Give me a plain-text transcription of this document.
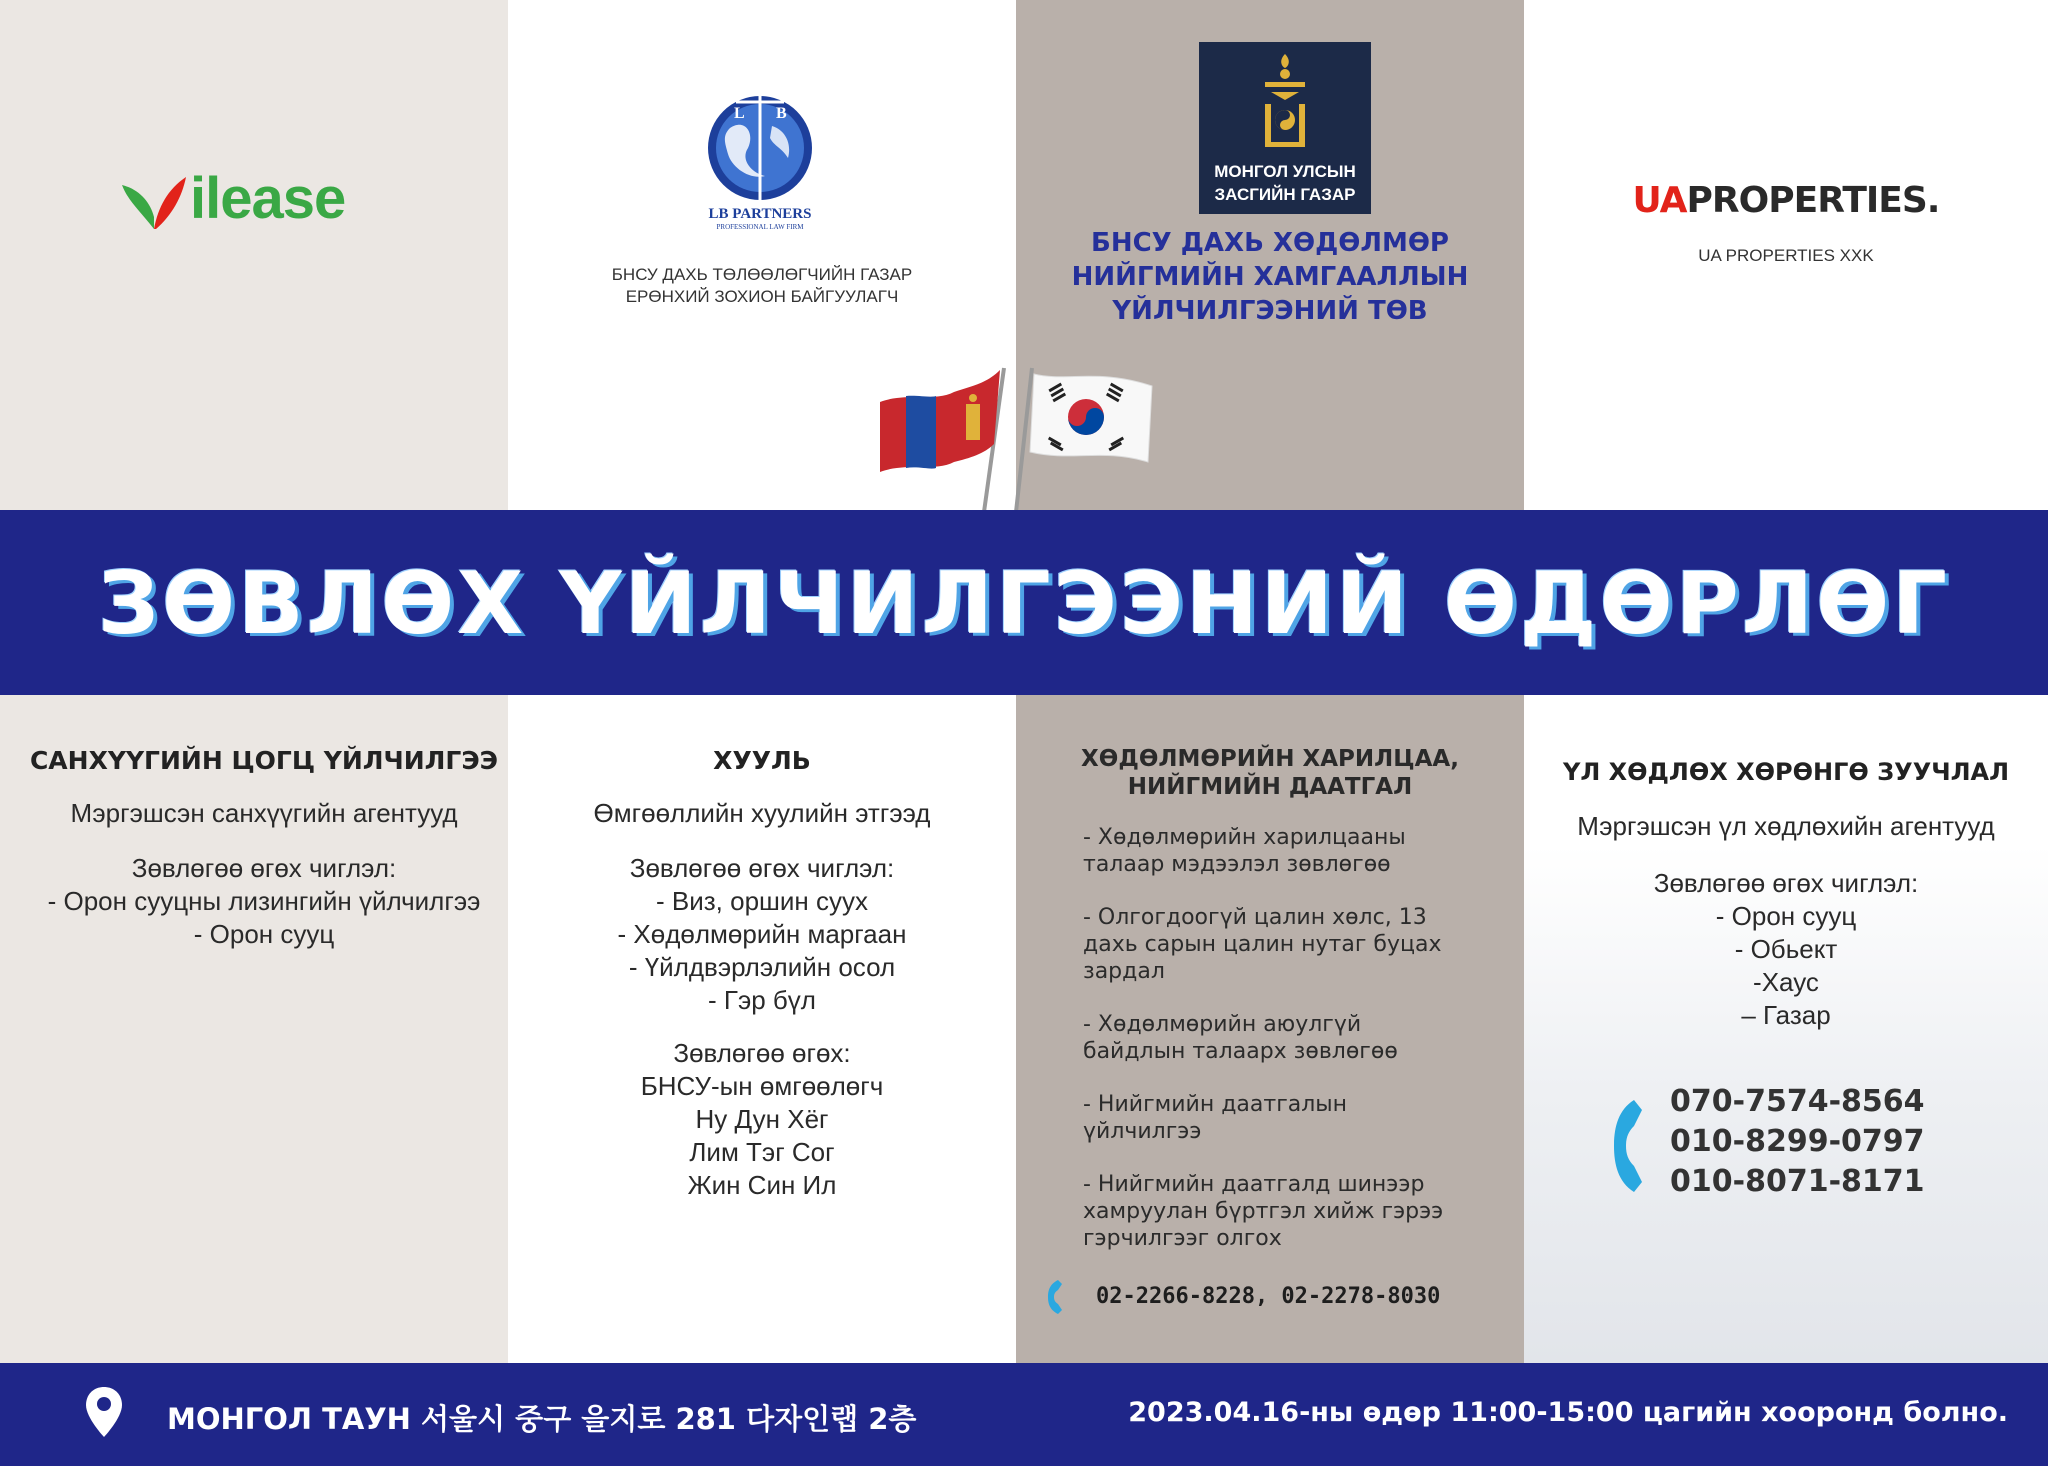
ilease
L B
LB PARTNERS
PROFESSIONAL LAW FIRM
БНСУ ДАХЬ ТӨЛӨӨЛӨГЧИЙН ГАЗАР
ЕРӨНХИЙ ЗОХИОН БАЙГУУЛАГЧ
МОНГОЛ УЛСЫН
ЗАСГИЙН ГАЗАР
БНСУ ДАХЬ ХӨДӨЛМӨР
НИЙГМИЙН ХАМГААЛЛЫН
ҮЙЛЧИЛГЭЭНИЙ ТӨВ
UAPROPERTIES.
UA PROPERTIES XXK
ЗӨВЛӨХ ҮЙЛЧИЛГЭЭНИЙ ӨДӨРЛӨГ
САНХҮҮГИЙН ЦОГЦ ҮЙЛЧИЛГЭЭ
Мэргэшсэн санхүүгийн агентууд
Зөвлөгөө өгөх чиглэл:
- Орон сууцны лизингийн үйлчилгээ
- Орон сууц
ХУУЛЬ
Өмгөөллийн хуулийн этгээд
Зөвлөгөө өгөх чиглэл:
- Виз, оршин суух
- Хөдөлмөрийн маргаан
- Үйлдвэрлэлийн осол
- Гэр бүл
Зөвлөгөө өгөх:
БНСУ-ын өмгөөлөгч
Ну Дун Хёг
Лим Тэг Сог
Жин Син Ил
ХӨДӨЛМӨРИЙН ХАРИЛЦАА,
НИЙГМИЙН ДААТГАЛ
- Хөдөлмөрийн харилцааны
талаар мэдээлэл зөвлөгөө
- Олгогдоогүй цалин хөлс, 13
дахь сарын цалин нутаг буцах
зардал
- Хөдөлмөрийн аюулгүй
байдлын талаарх зөвлөгөө
- Нийгмийн даатгалын
үйлчилгээ
- Нийгмийн даатгалд шинээр
хамруулан бүртгэл хийж гэрээ
гэрчилгээг олгох
02-2266-8228, 02-2278-8030
ҮЛ ХӨДЛӨХ ХӨРӨНГӨ ЗУУЧЛАЛ
Мэргэшсэн үл хөдлөхийн агентууд
Зөвлөгөө өгөх чиглэл:
- Орон сууц
- Обьект
-Хаус
– Газар
070-7574-8564
010-8299-0797
010-8071-8171
МОНГОЛ ТАУН 서울시 중구 을지로 281 다자인랩 2층	2023.04.16-ны өдөр 11:00-15:00 цагийн хооронд болно.
